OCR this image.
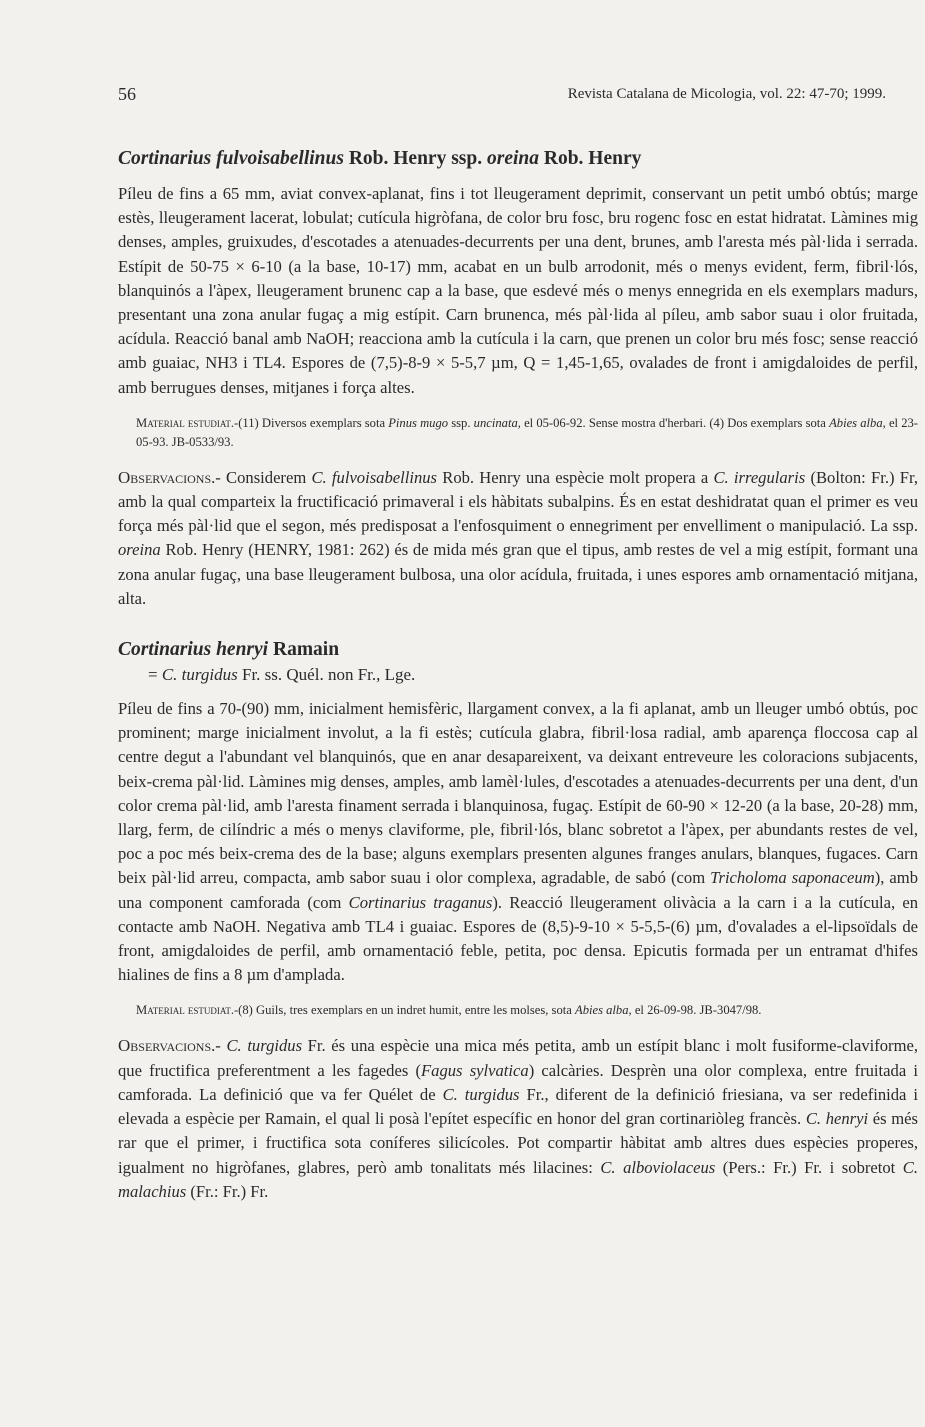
56	Revista Catalana de Micologia, vol. 22: 47-70; 1999.
Cortinarius fulvoisabellinus Rob. Henry ssp. oreina Rob. Henry

Píleu de fins a 65 mm, aviat convex-aplanat, fins i tot lleugerament deprimit, conservant un petit umbó obtús; marge estès, lleugerament lacerat, lobulat; cutícula higròfana, de color bru fosc, bru rogenc fosc en estat hidratat. Làmines mig denses, amples, gruixudes, d'escotades a atenuades-decurrents per una dent, brunes, amb l'aresta més pàl·lida i serrada. Estípit de 50-75 × 6-10 (a la base, 10-17) mm, acabat en un bulb arrodonit, més o menys evident, ferm, fibril·lós, blanquinós a l'àpex, lleugerament brunenc cap a la base, que esdevé més o menys ennegrida en els exemplars madurs, presentant una zona anular fugaç a mig estípit. Carn brunenca, més pàl·lida al píleu, amb sabor suau i olor fruitada, acídula. Reacció banal amb NaOH; reacciona amb la cutícula i la carn, que prenen un color bru més fosc; sense reacció amb guaiac, NH3 i TL4. Espores de (7,5)-8-9 × 5-5,7 µm, Q = 1,45-1,65, ovalades de front i amigdaloides de perfil, amb berrugues denses, mitjanes i força altes.

Material estudiat.-(11) Diversos exemplars sota Pinus mugo ssp. uncinata, el 05-06-92. Sense mostra d'herbari. (4) Dos exemplars sota Abies alba, el 23-05-93. JB-0533/93.

Observacions.- Considerem C. fulvoisabellinus Rob. Henry una espècie molt propera a C. irregularis (Bolton: Fr.) Fr, amb la qual comparteix la fructificació primaveral i els hàbitats subalpins. És en estat deshidratat quan el primer es veu força més pàl·lid que el segon, més predisposat a l'enfosquiment o ennegriment per envelliment o manipulació. La ssp. oreina Rob. Henry (HENRY, 1981: 262) és de mida més gran que el tipus, amb restes de vel a mig estípit, formant una zona anular fugaç, una base lleugerament bulbosa, una olor acídula, fruitada, i unes espores amb ornamentació mitjana, alta.

Cortinarius henryi Ramain

= C. turgidus Fr. ss. Quél. non Fr., Lge.

Píleu de fins a 70-(90) mm, inicialment hemisfèric, llargament convex, a la fi aplanat, amb un lleuger umbó obtús, poc prominent; marge inicialment involut, a la fi estès; cutícula glabra, fibril·losa radial, amb aparença floccosa cap al centre degut a l'abundant vel blanquinós, que en anar desapareixent, va deixant entreveure les coloracions subjacents, beix-crema pàl·lid. Làmines mig denses, amples, amb lamèl·lules, d'escotades a atenuades-decurrents per una dent, d'un color crema pàl·lid, amb l'aresta finament serrada i blanquinosa, fugaç. Estípit de 60-90 × 12-20 (a la base, 20-28) mm, llarg, ferm, de cilíndric a més o menys claviforme, ple, fibril·lós, blanc sobretot a l'àpex, per abundants restes de vel, poc a poc més beix-crema des de la base; alguns exemplars presenten algunes franges anulars, blanques, fugaces. Carn beix pàl·lid arreu, compacta, amb sabor suau i olor complexa, agradable, de sabó (com Tricholoma saponaceum), amb una component camforada (com Cortinarius traganus). Reacció lleugerament olivàcia a la carn i a la cutícula, en contacte amb NaOH. Negativa amb TL4 i guaiac. Espores de (8,5)-9-10 × 5-5,5-(6) µm, d'ovalades a el-lipsoïdals de front, amigdaloides de perfil, amb ornamentació feble, petita, poc densa. Epicutis formada per un entramat d'hifes hialines de fins a 8 µm d'amplada.

Material estudiat.-(8) Guils, tres exemplars en un indret humit, entre les molses, sota Abies alba, el 26-09-98. JB-3047/98.

Observacions.- C. turgidus Fr. és una espècie una mica més petita, amb un estípit blanc i molt fusiforme-claviforme, que fructifica preferentment a les fagedes (Fagus sylvatica) calcàries. Desprèn una olor complexa, entre fruitada i camforada. La definició que va fer Quélet de C. turgidus Fr., diferent de la definició friesiana, va ser redefinida i elevada a espècie per Ramain, el qual li posà l'epítet específic en honor del gran cortinariòleg francès. C. henryi és més rar que el primer, i fructifica sota coníferes silicícoles. Pot compartir hàbitat amb altres dues espècies properes, igualment no higròfanes, glabres, però amb tonalitats més lilacines: C. alboviolaceus (Pers.: Fr.) Fr. i sobretot C. malachius (Fr.: Fr.) Fr.
